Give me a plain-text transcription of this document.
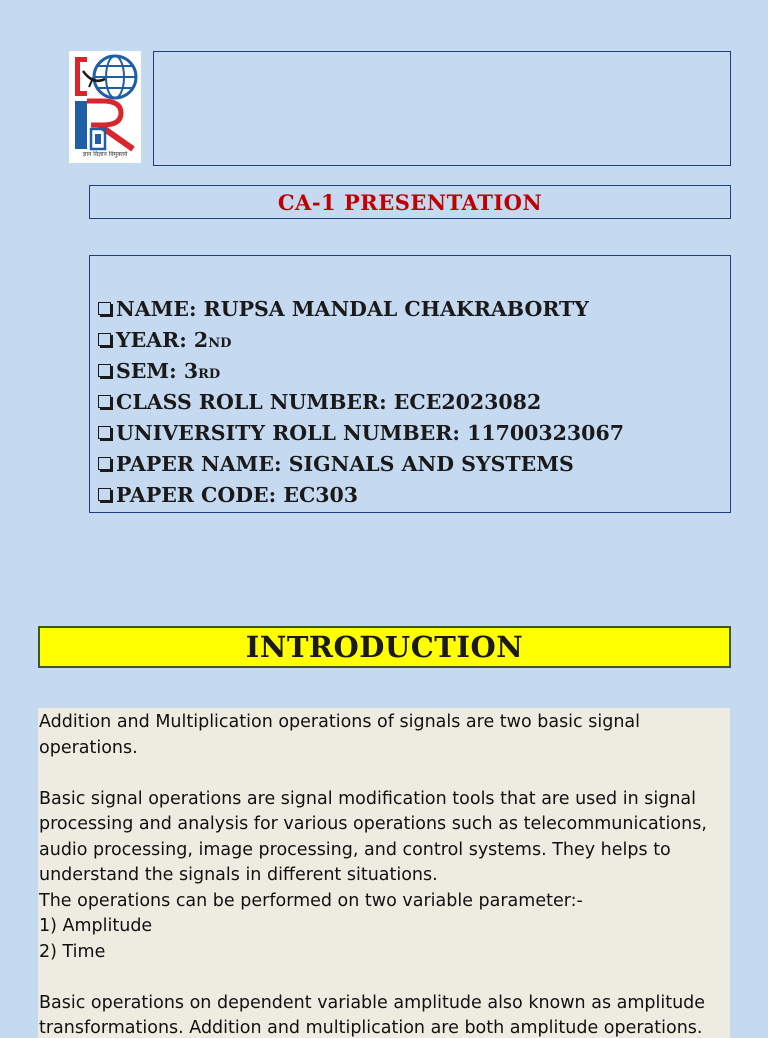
ज्ञान विज्ञान विमुक्तये
CA-1 PRESENTATION
NAME:
RUPSA MANDAL CHAKRABORTY
YEAR:
2 ND
SEM:
3 RD
CLASS ROLL NUMBER:
ECE2023082
UNIVERSITY ROLL NUMBER:
11700323067
PAPER NAME:
SIGNALS AND SYSTEMS
PAPER CODE:
EC303
INTRODUCTION

Addition and Multiplication operations of signals are two basic signal operations.

Basic signal operations are signal modification tools that are used in signal processing and analysis for various operations such as telecommunications, audio processing, image processing, and control systems. They helps to understand the signals in different situations.

The operations can be performed on two variable parameter:-

1) Amplitude

2) Time

Basic operations on dependent variable amplitude also known as amplitude transformations. Addition and multiplication are both amplitude operations.
